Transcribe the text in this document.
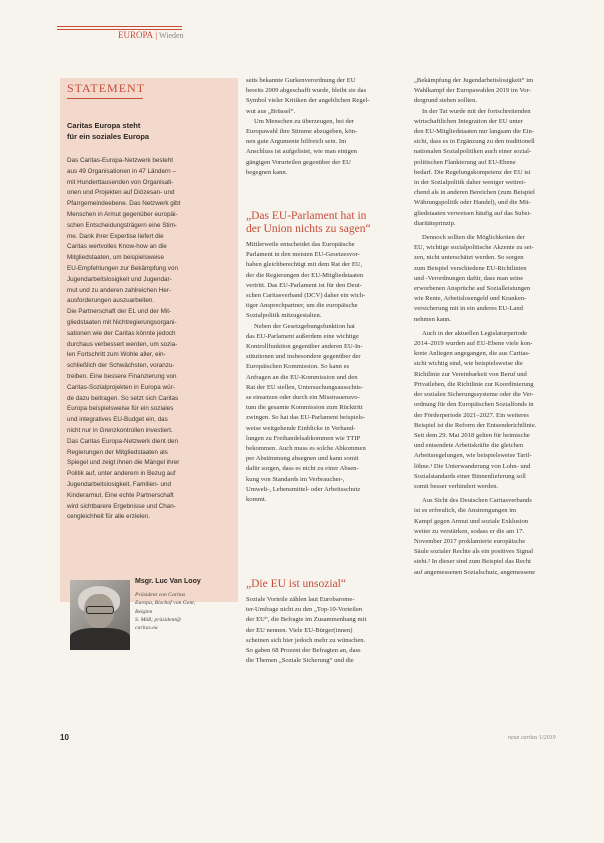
EUROPA | Wieden
STATEMENT
Caritas Europa steht
für ein soziales Europa
Das Caritas-Europa-Netzwerk besteht
aus 49 Organisationen in 47 Ländern –
mit Hunderttausenden von Organisati-
onen und Projekten auf Diözesan- und
Pfarrgemeindeebene. Das Netzwerk gibt
Menschen in Armut gegenüber europäi-
schen Entscheidungsträgern eine Stim-
me. Dank ihrer Expertise liefert die
Caritas wertvolles Know-how an die
Mitgliedstaaten, um beispielsweise
EU-Empfehlungen zur Bekämpfung von
Jugendarbeitslosigkeit und Jugendar-
mut und zu anderen zahlreichen Her-
ausforderungen auszuarbeiten.
Die Partnerschaft der EL und der Mit-
gliedstaaten mit Nichtregierungsorgani-
sationen wie der Caritas könnte jedoch
durchaus verbessert werden, um sozia-
len Fortschritt zum Wohle aller, ein-
schließlich der Schwächsten, voranzu-
treiben. Eine bessere Finanzierung von
Caritas-Sozialprojekten in Europa wür-
de dazu beitragen. So setzt sich Caritas
Europa beispielsweise für ein soziales
und integratives EU-Budget ein, das
nicht nur in Grenzkontrollen investiert.
Das Caritas Europa-Netzwerk dient den
Regierungen der Mitgliedstaaten als
Spiegel und zeigt ihnen die Mängel ihrer
Politik auf, unter anderem in Bezug auf
Jugendarbeitslosigkeit, Familien- und
Kinderarmut. Eine echte Partnerschaft
wird sichtbarere Ergebnisse und Chan-
cengleichheit für alle erzielen.
Msgr. Luc Van Looy
Präsident von Caritas
Europa, Bischof von Gent,
Belgien
S. Mäß; präsident@
caritas.eu
seits bekannte Gurkenverordnung der EU
bereits 2009 abgeschafft wurde, bleibt sie das
Symbol vieler Kritiken der angeblichen Regel-
wut aus „Brüssel“.
Um Menschen zu überzeugen, bei der
Europawahl ihre Stimme abzugeben, kön-
nen gute Argumente hilfreich sein. Im
Anschluss ist aufgelistet, wie man einigen
gängigen Vorurteilen gegenüber der EU
begegnen kann.
„Das EU-Parlament hat in
der Union nichts zu sagen“
Mittlerweile entscheidet das Europäische
Parlament in den meisten EU-Gesetzesvor-
haben gleichberechtigt mit dem Rat der EU,
der die Regierungen der EU-Mitgliedstaaten
vertritt. Das EU-Parlament ist für den Deut-
schen Caritasverband (DCV) daher ein wich-
tiger Ansprechpartner, um die europäische
Sozialpolitik mitzugestalten.
Neben der Gesetzgebungsfunktion hat
das EU-Parlament außerdem eine wichtige
Kontrollfunktion gegenüber anderen EU-In-
stitutionen und insbesondere gegenüber der
Europäischen Kommission. So kann es
Anfragen an die EU-Kommission und den
Rat der EU stellen, Untersuchungsausschüs-
se einsetzen oder durch ein Misstrauensvo-
tum die gesamte Kommission zum Rücktritt
zwingen. So hat das EU-Parlament beispiels-
weise weitgehende Einblicke in Verhand-
lungen zu Freihandelsabkommen wie TTIP
bekommen. Auch muss es solche Abkommen
per Abstimmung absegnen und kann somit
dafür sorgen, dass es nicht zu einer Absen-
kung von Standards im Verbraucher-,
Umwelt-, Lebensmittel- oder Arbeitsschutz
kommt.
„Die EU ist unsozial“
Soziale Vorteile zählen laut Eurobarome-
ter-Umfrage nicht zu den „Top-10-Vorteilen
der EU“, die Befragte im Zusammenhang mit
der EU nennen. Viele EU-Bürger(innen)
scheinen sich hier jedoch mehr zu wünschen.
So gaben 68 Prozent der Befragten an, dass
die Themen „Soziale Sicherung“ und die
„Bekämpfung der Jugendarbeitslosigkeit“ im
Wahlkampf der Europawahlen 2019 im Vor-
dergrund stehen sollten.
In der Tat wurde mit der fortschreitenden
wirtschaftlichen Integration der EU unter
den EU-Mitgliedstaaten nur langsam die Ein-
sicht, dass es in Ergänzung zu den traditionell
nationalen Sozialpolitiken auch einer sozial-
politischen Flankierung auf EU-Ebene
bedarf. Die Regelungskompetenz der EU ist
in der Sozialpolitik daher weniger weitrei-
chend als in anderen Bereichen (zum Beispiel
Währungspolitik oder Handel), und die Mit-
gliedstaaten verweisen häufig auf das Subsi-
diaritätsprinzip.
Dennoch sollten die Möglichkeiten der
EU, wichtige sozialpolitische Akzente zu set-
zen, nicht unterschätzt werden. So sorgen
zum Beispiel verschiedene EU-Richtlinien
und -Verordnungen dafür, dass man seine
erworbenen Ansprüche auf Sozialleistungen
wie Rente, Arbeitslosengeld und Kranken-
versicherung mit in ein anderes EU-Land
nehmen kann.
Auch in der aktuellen Legislaturperiode
2014–2019 wurden auf EU-Ebene viele kon-
krete Anliegen angegangen, die aus Caritas-
sicht wichtig sind, wie beispielsweise die
Richtlinie zur Vereinbarkeit von Beruf und
Privatleben, die Richtlinie zur Koordinierung
der sozialen Sicherungssysteme oder die Ver-
ordnung für den Europäischen Sozialfonds in
der Förderperiode 2021–2027. Ein weiteres
Beispiel ist die Reform der Entsenderichtlinie.
Seit dem 29. Mai 2018 gelten für heimische
und entsendete Arbeitskräfte die gleichen
Arbeitsregelungen, wie beispielsweise Tarif-
löhne.¹ Die Unterwanderung von Lohn- und
Sozialstandards einer Binnenlieferung soll
somit besser verhindert werden.
Aus Sicht des Deutschen Caritasverbands
ist es erfreulich, die Anstrengungen im
Kampf gegen Armut und soziale Exklusion
weiter zu verstärken, sodass er die am 17.
November 2017 proklamierte europäische
Säule sozialer Rechte als ein positives Signal
sieht.² In dieser sind zum Beispiel das Recht
auf angemessenen Sozialschutz, angemessene
10	neue caritas 1/2019
